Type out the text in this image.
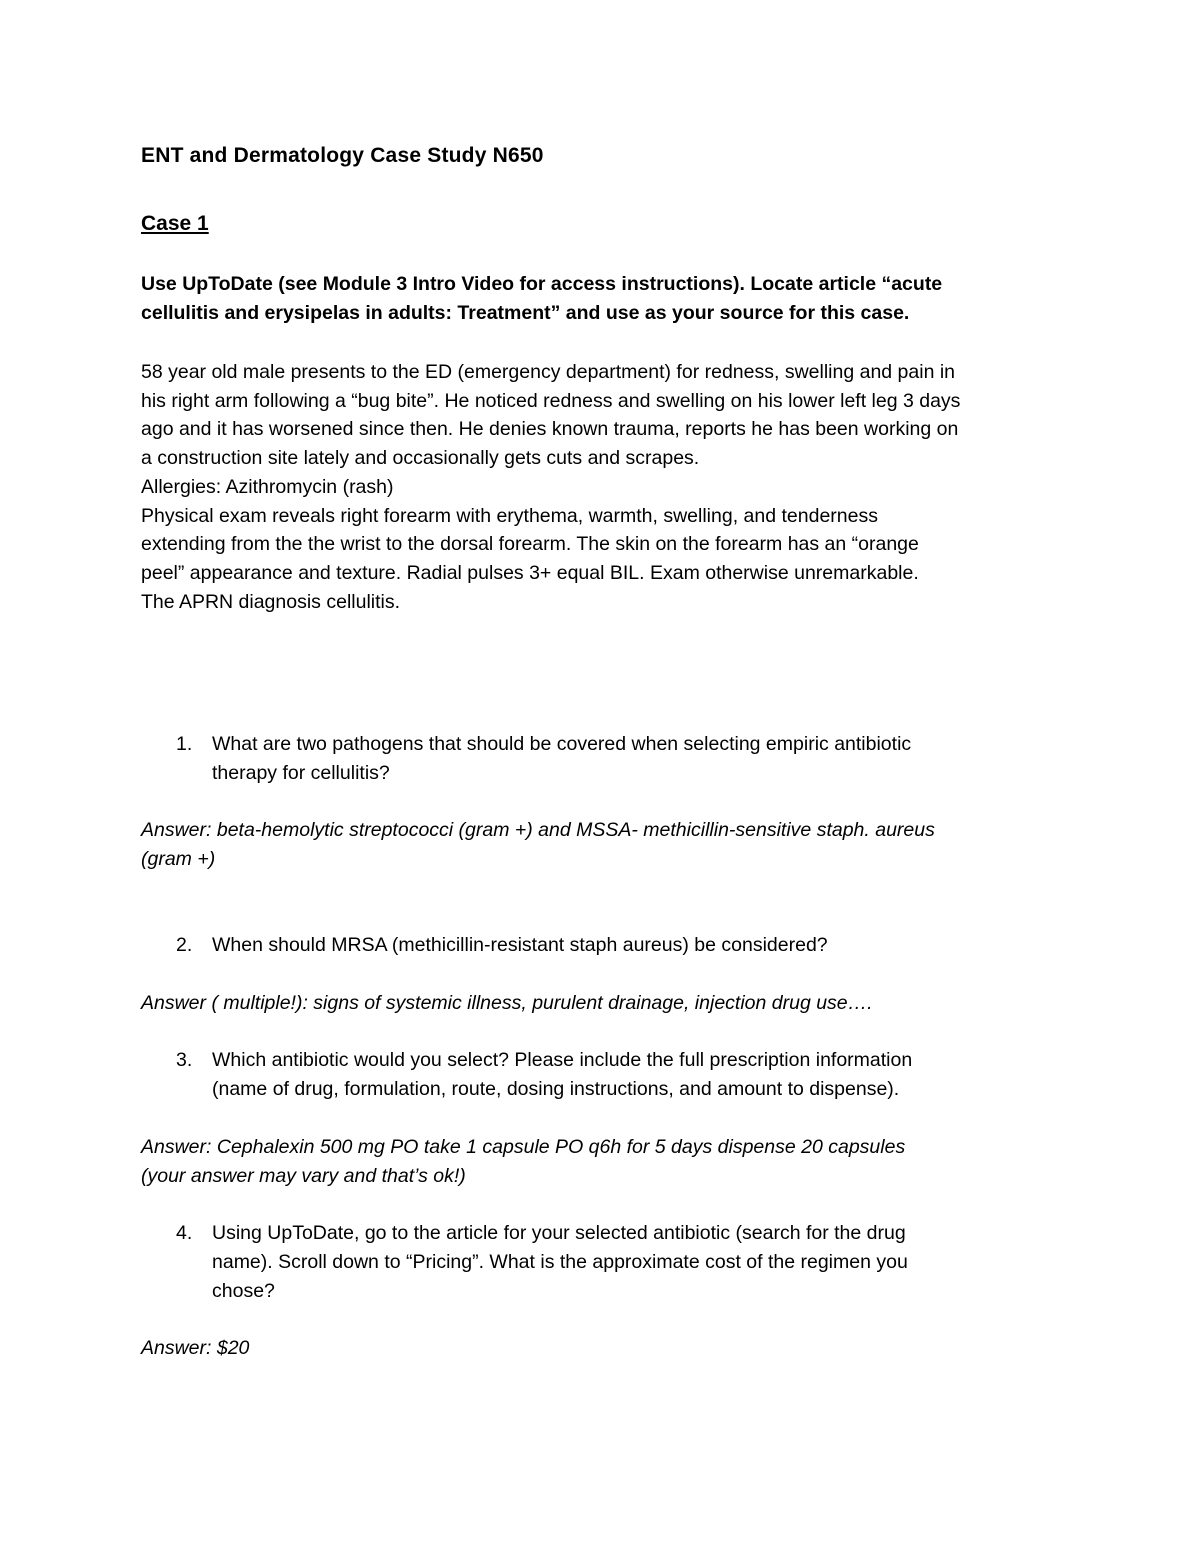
ENT and Dermatology Case Study N650
Case 1
Use UpToDate (see Module 3 Intro Video for access instructions). Locate article “acute
cellulitis and erysipelas in adults: Treatment” and use as your source for this case.
58 year old male presents to the ED (emergency department) for redness, swelling and pain in
his right arm following a “bug bite”. He noticed redness and swelling on his lower left leg 3 days
ago and it has worsened since then. He denies known trauma, reports he has been working on
a construction site lately and occasionally gets cuts and scrapes.
Allergies: Azithromycin (rash)
Physical exam reveals right forearm with erythema, warmth, swelling, and tenderness
extending from the the wrist to the dorsal forearm. The skin on the forearm has an “orange
peel” appearance and texture. Radial pulses 3+ equal BIL. Exam otherwise unremarkable.
The APRN diagnosis cellulitis.
1. What are two pathogens that should be covered when selecting empiric antibiotic
therapy for cellulitis?
Answer: beta-hemolytic streptococci (gram +) and MSSA- methicillin-sensitive staph. aureus
(gram +)
2. When should MRSA (methicillin-resistant staph aureus) be considered?
Answer ( multiple!): signs of systemic illness, purulent drainage, injection drug use….
3. Which antibiotic would you select? Please include the full prescription information
(name of drug, formulation, route, dosing instructions, and amount to dispense).
Answer: Cephalexin 500 mg PO take 1 capsule PO q6h for 5 days dispense 20 capsules
(your answer may vary and that’s ok!)
4. Using UpToDate, go to the article for your selected antibiotic (search for the drug
name). Scroll down to “Pricing”. What is the approximate cost of the regimen you
chose?
Answer: $20
